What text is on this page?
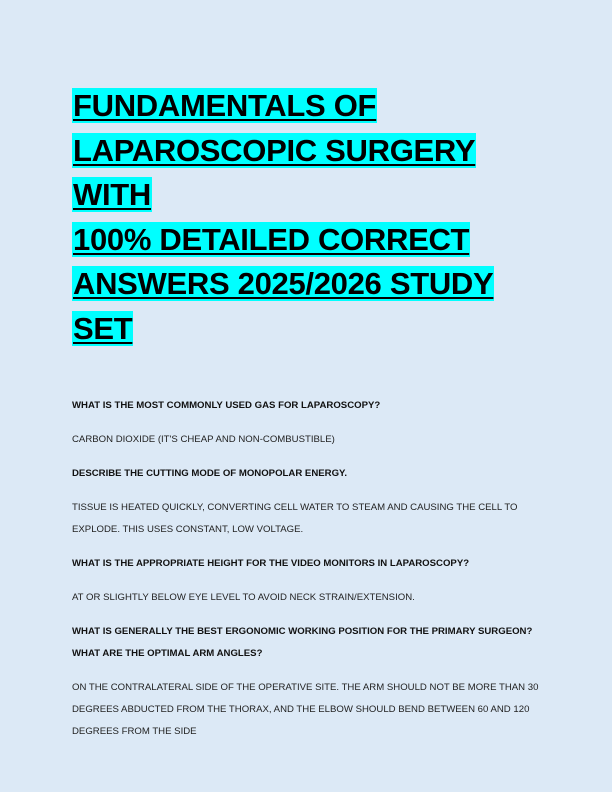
FUNDAMENTALS OF
LAPAROSCOPIC SURGERY WITH
100% DETAILED CORRECT
ANSWERS 2025/2026 STUDY
SET

WHAT IS THE MOST COMMONLY USED GAS FOR LAPAROSCOPY?

CARBON DIOXIDE (IT'S CHEAP AND NON-COMBUSTIBLE)

DESCRIBE THE CUTTING MODE OF MONOPOLAR ENERGY.

TISSUE IS HEATED QUICKLY, CONVERTING CELL WATER TO STEAM AND CAUSING THE CELL TO EXPLODE. THIS USES CONSTANT, LOW VOLTAGE.

WHAT IS THE APPROPRIATE HEIGHT FOR THE VIDEO MONITORS IN LAPAROSCOPY?

AT OR SLIGHTLY BELOW EYE LEVEL TO AVOID NECK STRAIN/EXTENSION.

WHAT IS GENERALLY THE BEST ERGONOMIC WORKING POSITION FOR THE PRIMARY SURGEON? WHAT ARE THE OPTIMAL ARM ANGLES?

ON THE CONTRALATERAL SIDE OF THE OPERATIVE SITE. THE ARM SHOULD NOT BE MORE THAN 30 DEGREES ABDUCTED FROM THE THORAX, AND THE ELBOW SHOULD BEND BETWEEN 60 AND 120 DEGREES FROM THE SIDE
